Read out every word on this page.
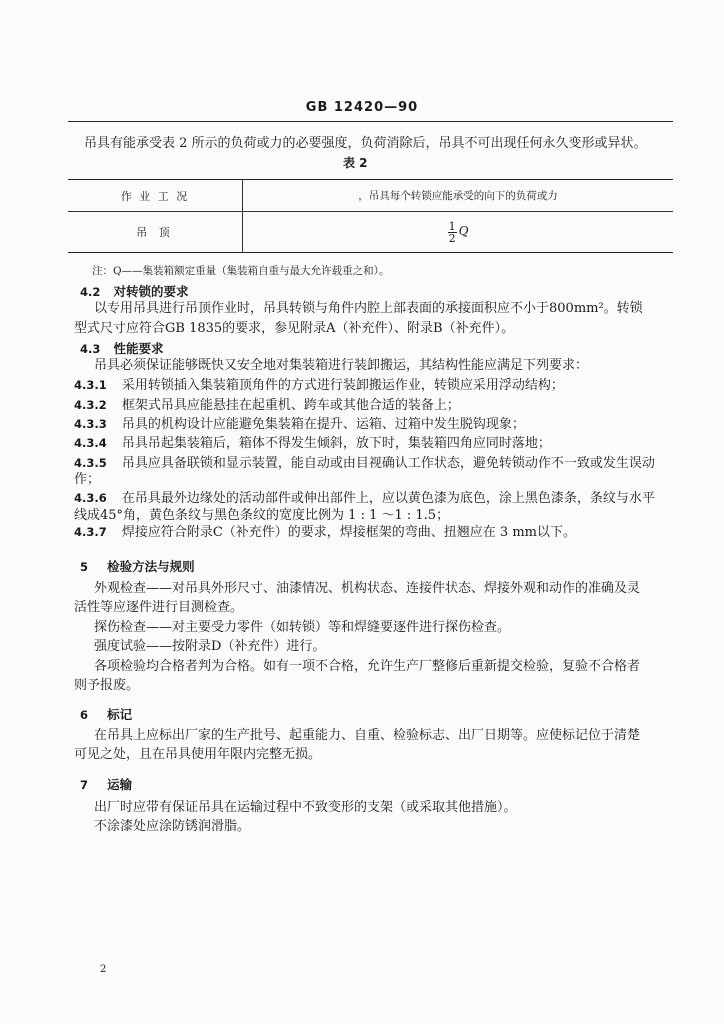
GB 12420—90
吊具有能承受表 2 所示的负荷或力的必要强度，负荷消除后，吊具不可出现任何永久变形或异状。
表 2
作 业 工 况	，吊具每个转锁应能承受的向下的负荷或力
吊 顶	$\frac{1}{2}$ Q
注：Q——集装箱额定重量（集装箱自重与最大允许载重之和）。
4.2 对转锁的要求
以专用吊具进行吊顶作业时，吊具转锁与角件内腔上部表面的承接面积应不小于800mm²。转锁
型式尺寸应符合GB 1835的要求，参见附录A（补充件）、附录B（补充件）。
4.3 性能要求
吊具必须保证能够既快又安全地对集装箱进行装卸搬运，其结构性能应满足下列要求：
4.3.1 采用转锁插入集装箱顶角件的方式进行装卸搬运作业，转锁应采用浮动结构；
4.3.2 框架式吊具应能悬挂在起重机、跨车或其他合适的装备上；
4.3.3 吊具的机构设计应能避免集装箱在提升、运箱、过箱中发生脱钩现象；
4.3.4 吊具吊起集装箱后，箱体不得发生倾斜，放下时，集装箱四角应同时落地；
4.3.5 吊具应具备联锁和显示装置，能自动或由目视确认工作状态，避免转锁动作不一致或发生误动
作；
4.3.6 在吊具最外边缘处的活动部件或伸出部件上，应以黄色漆为底色，涂上黑色漆条，条纹与水平
线成45°角，黄色条纹与黑色条纹的宽度比例为 1 : 1 ～1 : 1.5；
4.3.7 焊接应符合附录C（补充件）的要求，焊接框架的弯曲、扭翘应在 3 mm以下。
5 检验方法与规则
外观检查——对吊具外形尺寸、油漆情况、机构状态、连接件状态、焊接外观和动作的准确及灵
活性等应逐件进行目测检查。
探伤检查——对主要受力零件（如转锁）等和焊缝要逐件进行探伤检查。
强度试验——按附录D（补充件）进行。
各项检验均合格者判为合格。如有一项不合格，允许生产厂整修后重新提交检验，复验不合格者
则予报废。
6 标记
在吊具上应标出厂家的生产批号、起重能力、自重、检验标志、出厂日期等。应使标记位于清楚
可见之处，且在吊具使用年限内完整无损。
7 运输
出厂时应带有保证吊具在运输过程中不致变形的支架（或采取其他措施）。
不涂漆处应涂防锈润滑脂。
2
